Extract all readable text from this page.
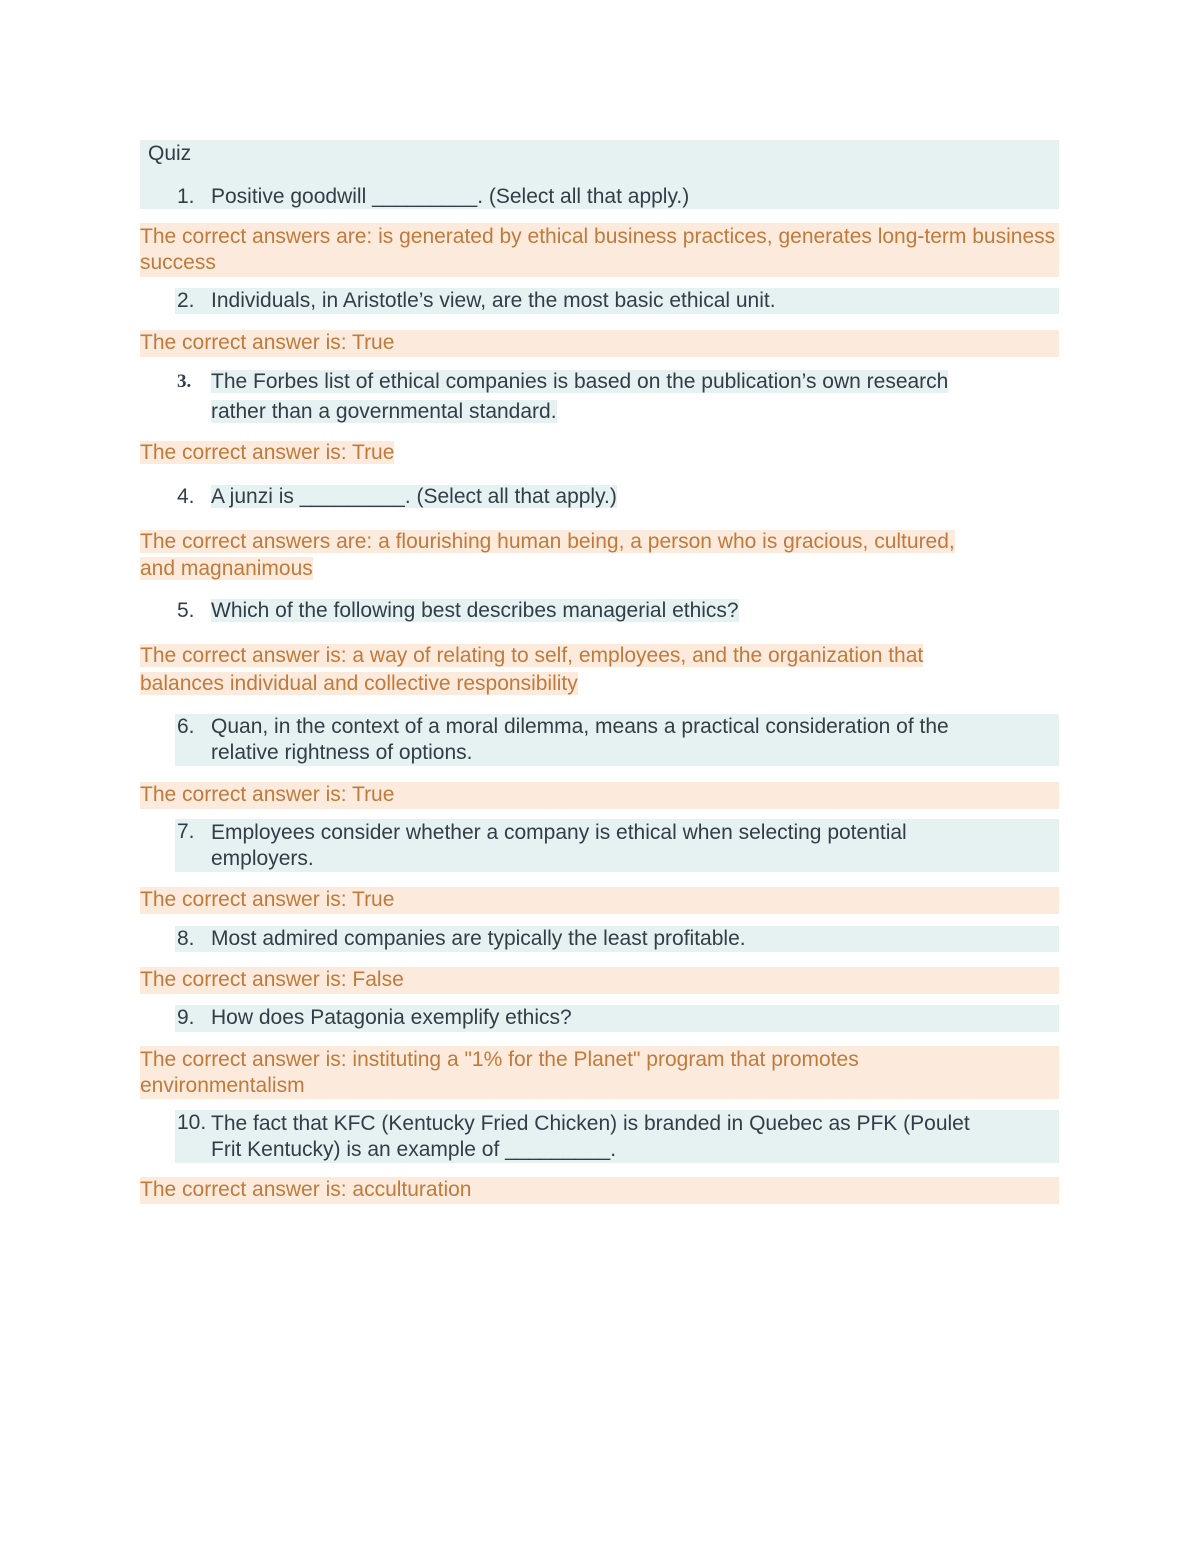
Quiz
1. Positive goodwill _________. (Select all that apply.)
The correct answers are: is generated by ethical business practices, generates long-term business success
2. Individuals, in Aristotle’s view, are the most basic ethical unit.
The correct answer is: True
3. The Forbes list of ethical companies is based on the publication’s own research
rather than a governmental standard.
The correct answer is: True
4. A junzi is _________. (Select all that apply.)
The correct answers are: a flourishing human being, a person who is gracious, cultured,
and magnanimous
5. Which of the following best describes managerial ethics?
The correct answer is: a way of relating to self, employees, and the organization that
balances individual and collective responsibility
6. Quan, in the context of a moral dilemma, means a practical consideration of the
relative rightness of options.
The correct answer is: True
7. Employees consider whether a company is ethical when selecting potential
employers.
The correct answer is: True
8. Most admired companies are typically the least profitable.
The correct answer is: False
9. How does Patagonia exemplify ethics?
The correct answer is: instituting a "1% for the Planet" program that promotes
environmentalism
10. The fact that KFC (Kentucky Fried Chicken) is branded in Quebec as PFK (Poulet
Frit Kentucky) is an example of _________.
The correct answer is: acculturation
